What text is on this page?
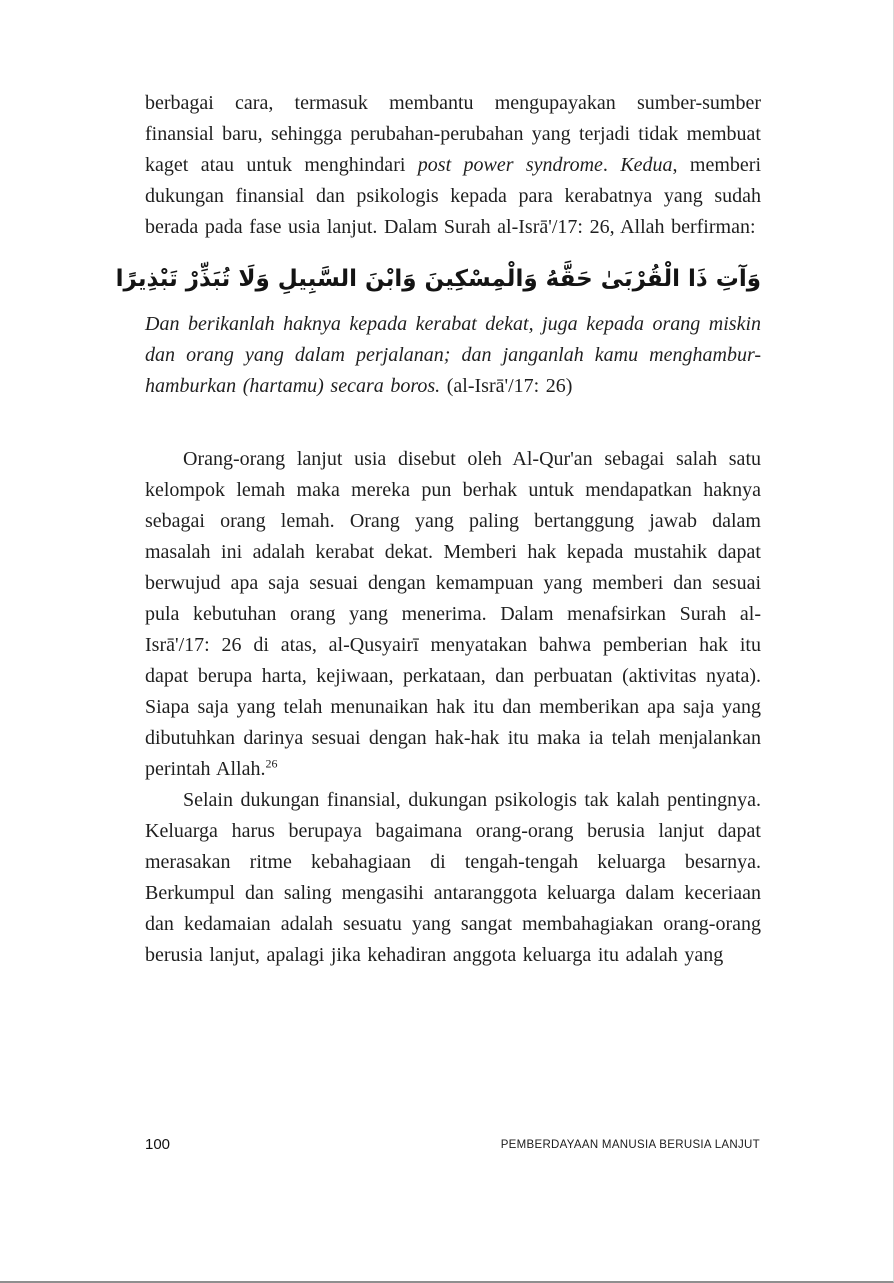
berbagai cara, termasuk membantu mengupayakan sumber-sumber finansial baru, sehingga perubahan-perubahan yang terjadi tidak membuat kaget atau untuk menghindari post power syndrome. Kedua, memberi dukungan finansial dan psikologis kepada para kerabatnya yang sudah berada pada fase usia lanjut. Dalam Surah al-Isrā'/17: 26, Allah berfirman:

وَآتِ ذَا الْقُرْبَىٰ حَقَّهُ وَالْمِسْكِينَ وَابْنَ السَّبِيلِ وَلَا تُبَذِّرْ تَبْذِيرًا

Dan berikanlah haknya kepada kerabat dekat, juga kepada orang miskin dan orang yang dalam perjalanan; dan janganlah kamu menghambur-hamburkan (hartamu) secara boros. (al-Isrā'/17: 26)

Orang-orang lanjut usia disebut oleh Al-Qur'an sebagai salah satu kelompok lemah maka mereka pun berhak untuk mendapatkan haknya sebagai orang lemah. Orang yang paling bertanggung jawab dalam masalah ini adalah kerabat dekat. Memberi hak kepada mustahik dapat berwujud apa saja sesuai dengan kemampuan yang memberi dan sesuai pula kebutuhan orang yang menerima. Dalam menafsirkan Surah al-Isrā'/17: 26 di atas, al-Qusyairī menyatakan bahwa pemberian hak itu dapat berupa harta, kejiwaan, perkataan, dan perbuatan (aktivitas nyata). Siapa saja yang telah menunaikan hak itu dan memberikan apa saja yang dibutuhkan darinya sesuai dengan hak-hak itu maka ia telah menjalankan perintah Allah.$^{26}$

Selain dukungan finansial, dukungan psikologis tak kalah pentingnya. Keluarga harus berupaya bagaimana orang-orang berusia lanjut dapat merasakan ritme kebahagiaan di tengah-tengah keluarga besarnya. Berkumpul dan saling mengasihi antaranggota keluarga dalam keceriaan dan kedamaian adalah sesuatu yang sangat membahagiakan orang-orang berusia lanjut, apalagi jika kehadiran anggota keluarga itu adalah yang

100	PEMBERDAYAAN MANUSIA BERUSIA LANJUT
